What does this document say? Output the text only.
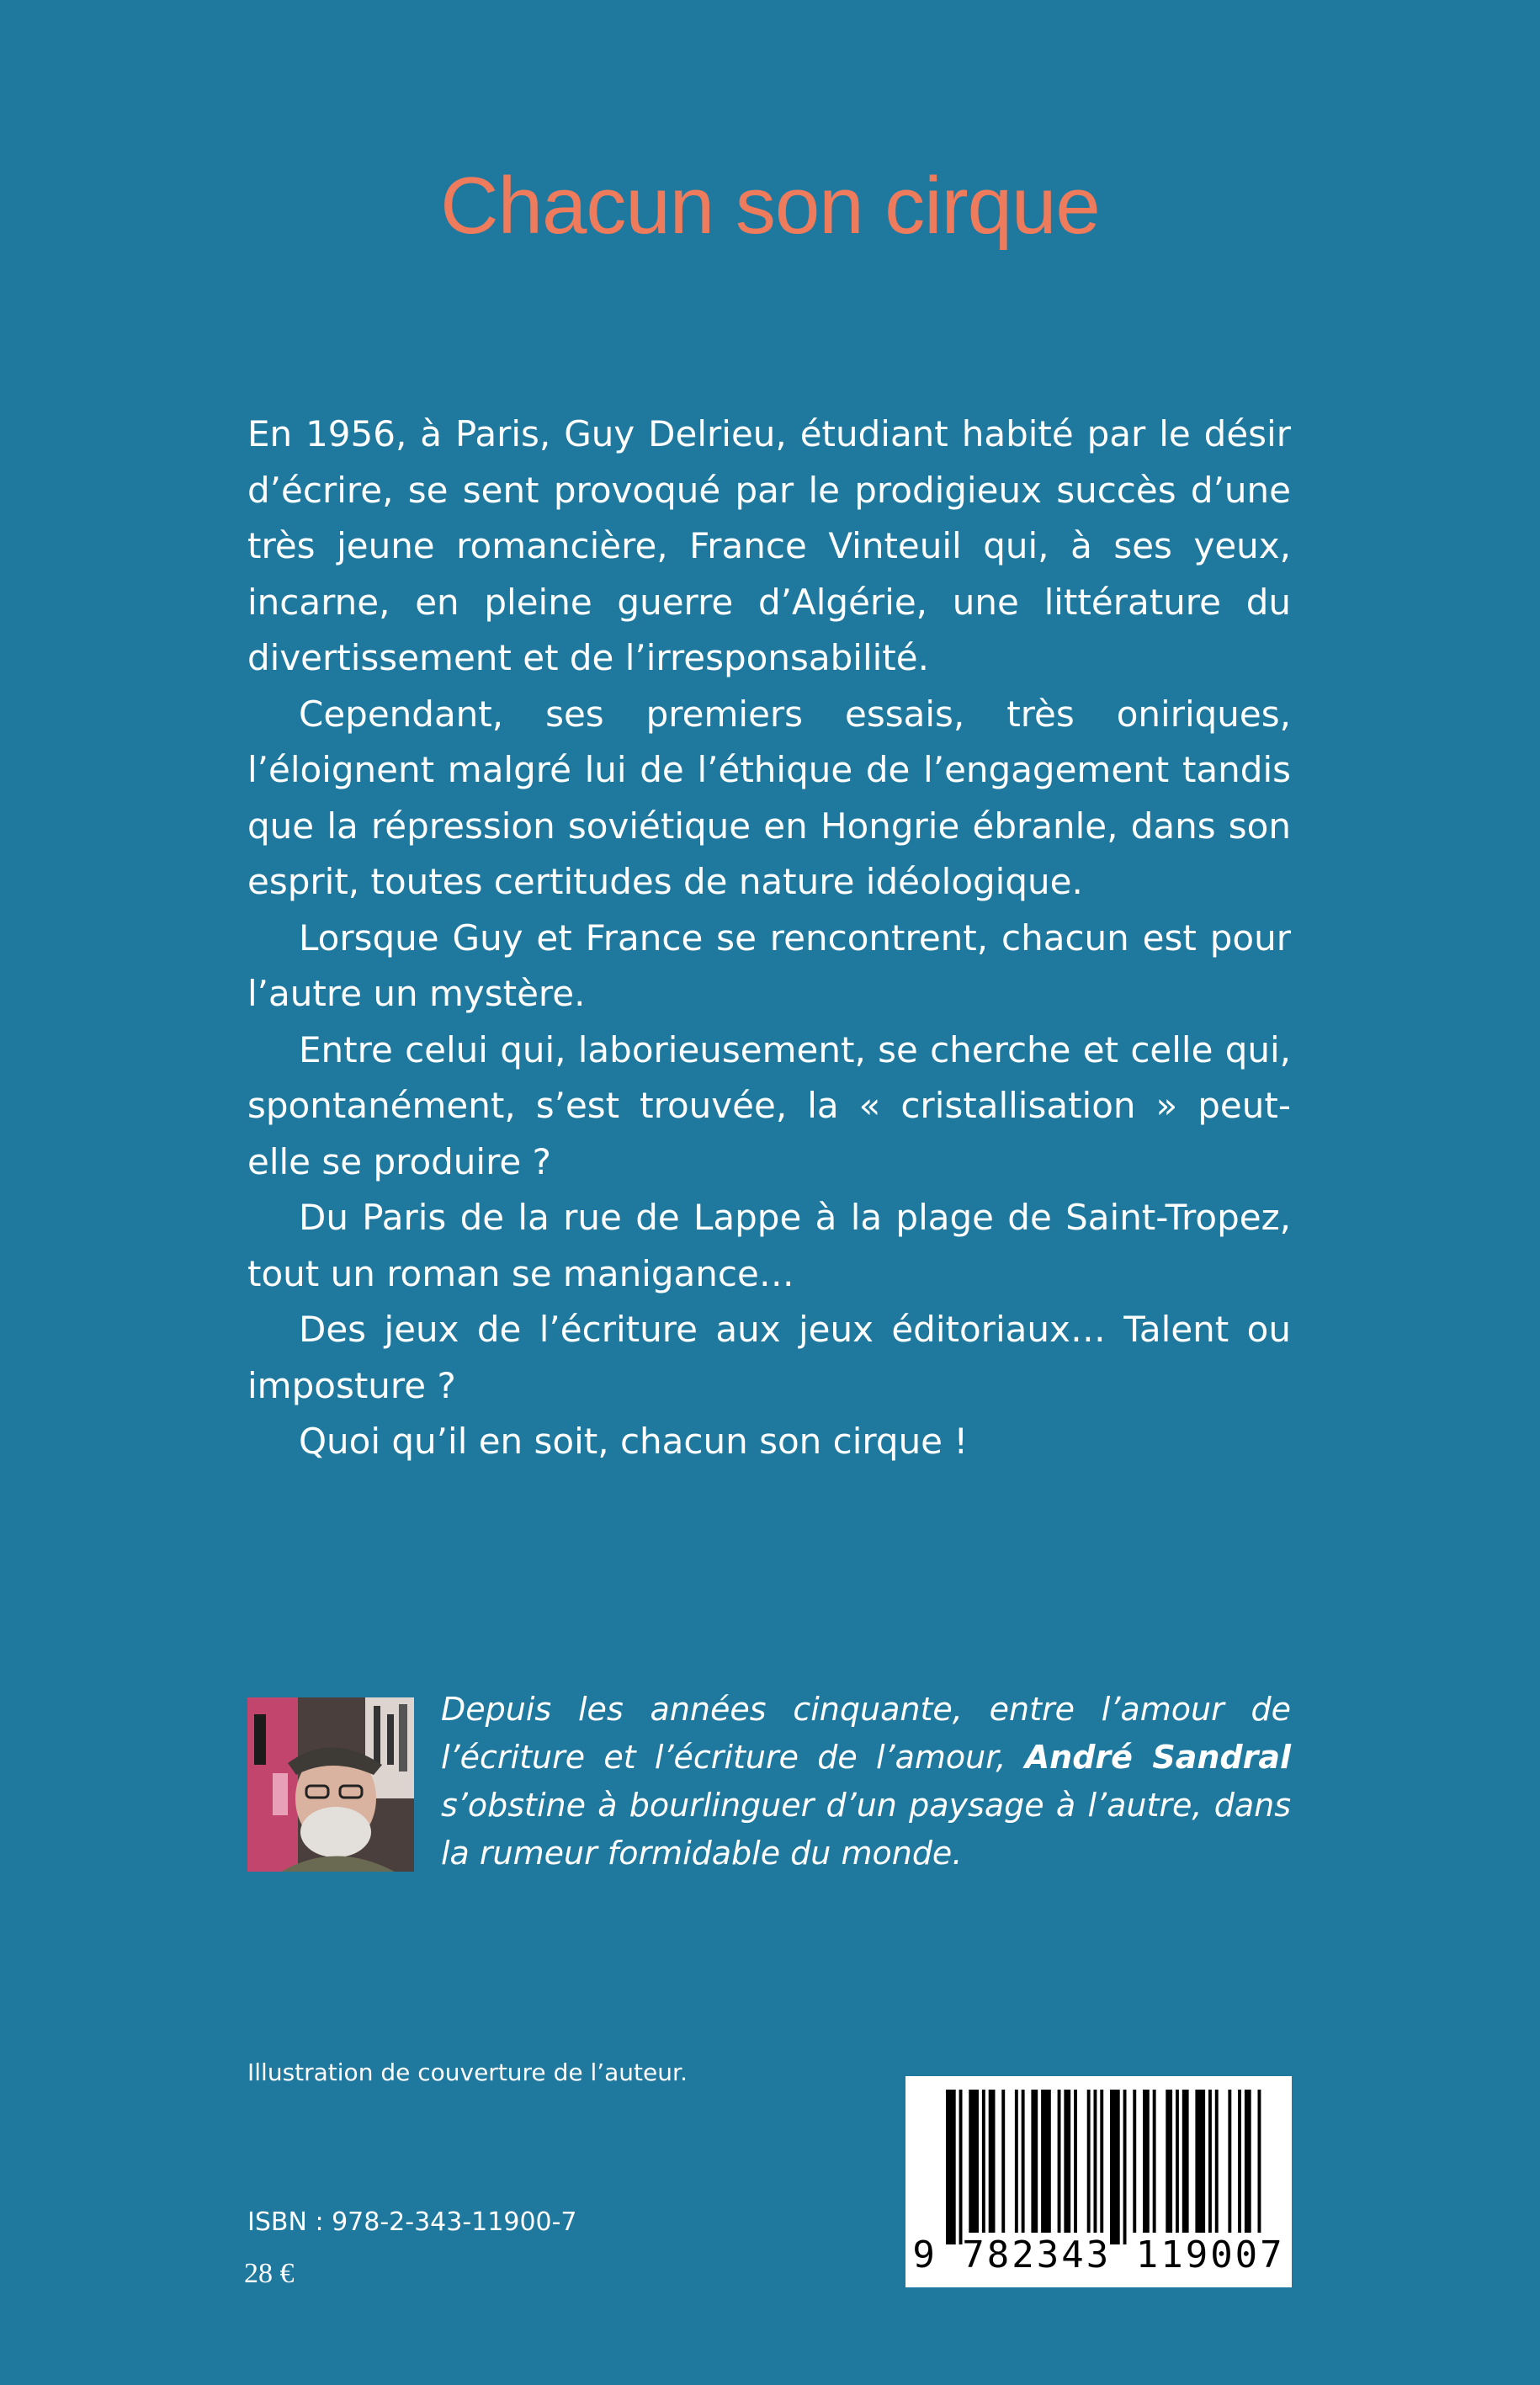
Chacun son cirque

En 1956, à Paris, Guy Delrieu, étudiant habité par le désir d’écrire, se sent provoqué par le prodigieux succès d’une très jeune romancière, France Vinteuil qui, à ses yeux, incarne, en pleine guerre d’Algérie, une littérature du divertissement et de l’irresponsabilité.

Cependant, ses premiers essais, très oniriques, l’éloignent malgré lui de l’éthique de l’engagement tandis que la répression soviétique en Hongrie ébranle, dans son esprit, toutes certitudes de nature idéologique.

Lorsque Guy et France se rencontrent, chacun est pour l’autre un mystère.

Entre celui qui, laborieusement, se cherche et celle qui, spontanément, s’est trouvée, la « cristallisation » peut-elle se produire ?

Du Paris de la rue de Lappe à la plage de Saint-Tropez, tout un roman se manigance…

Des jeux de l’écriture aux jeux éditoriaux… Talent ou imposture ?

Quoi qu’il en soit, chacun son cirque !

Depuis les années cinquante, entre l’amour de l’écriture et l’écriture de l’amour, André Sandral s’obstine à bourlinguer d’un paysage à l’autre, dans la rumeur formidable du monde.

Illustration de couverture de l’auteur.

ISBN : 978-2-343-11900-7

28 €	9 782343 119007
